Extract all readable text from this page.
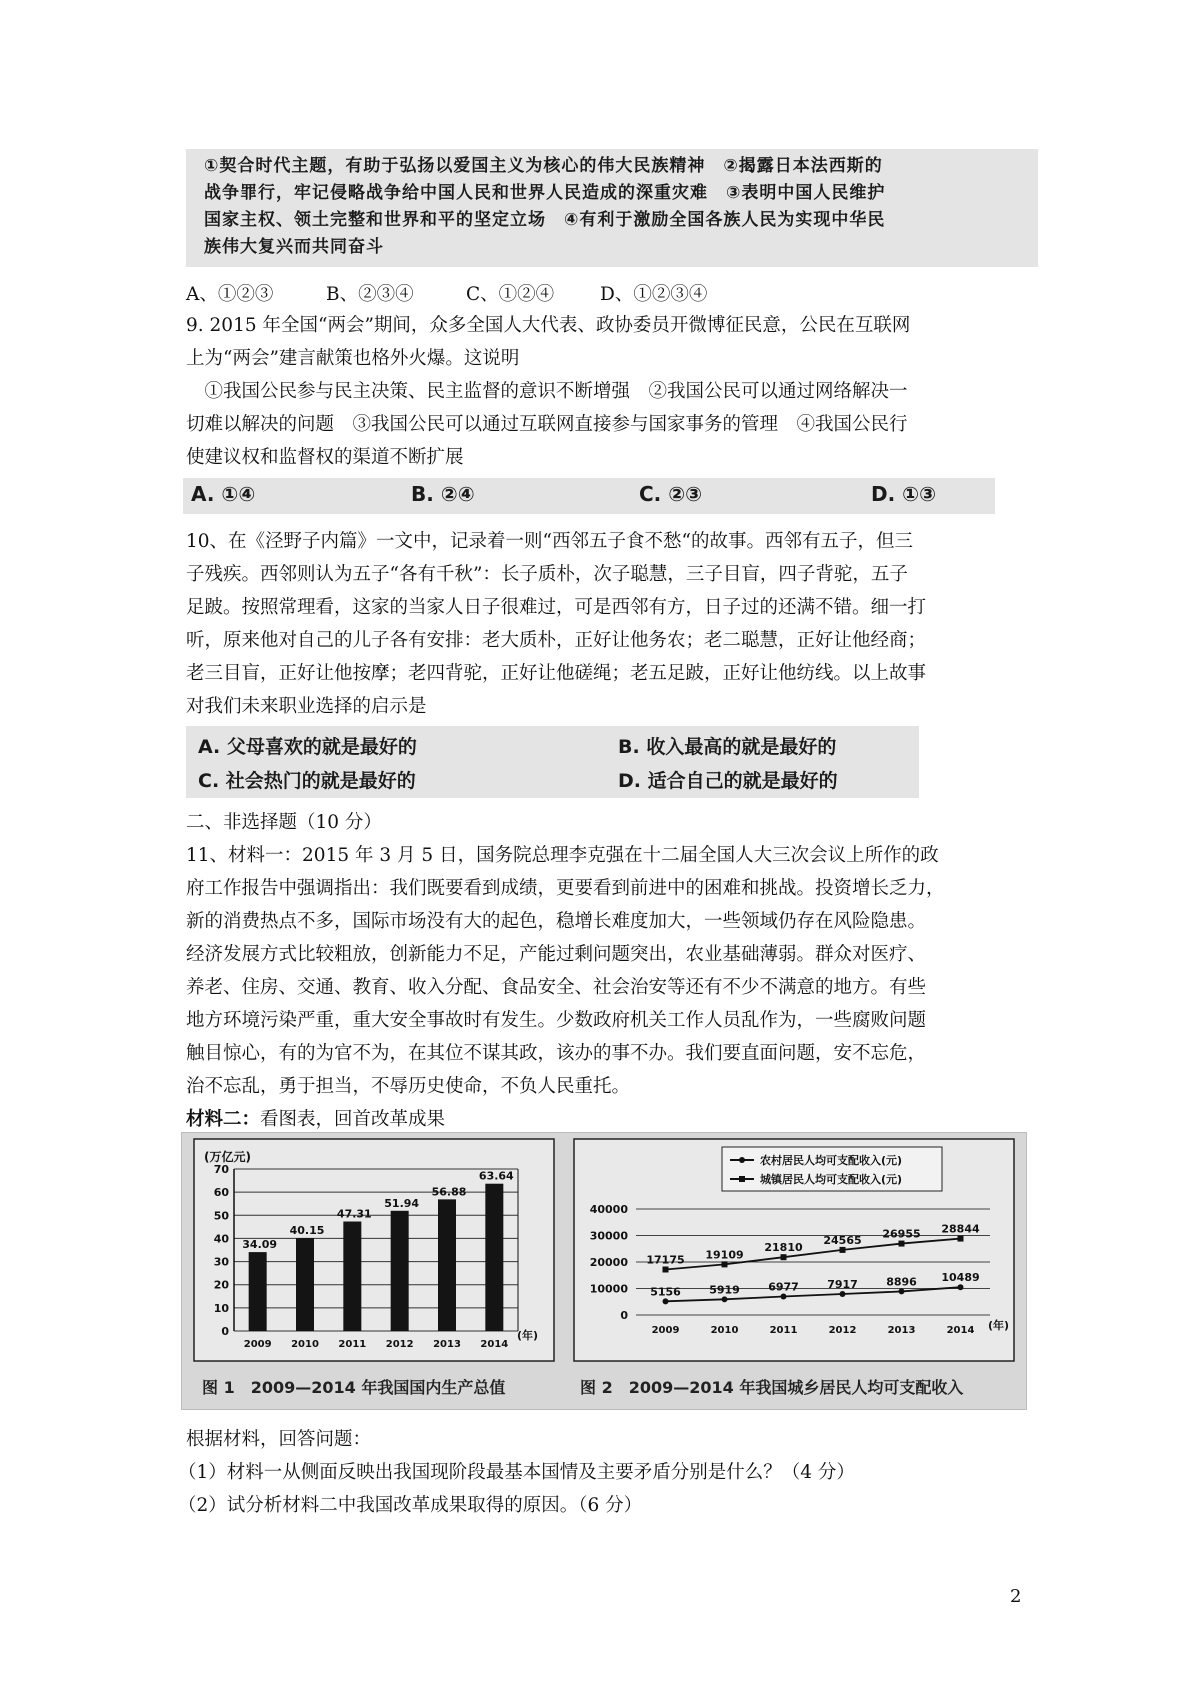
①契合时代主题，有助于弘扬以爱国主义为核心的伟大民族精神　②揭露日本法西斯的
战争罪行，牢记侵略战争给中国人民和世界人民造成的深重灾难　③表明中国人民维护
国家主权、领土完整和世界和平的坚定立场　④有利于激励全国各族人民为实现中华民
族伟大复兴而共同奋斗
A、①②③	B、②③④	C、①②④ D、①②③④
9. 2015 年全国“两会”期间，众多全国人大代表、政协委员开微博征民意，公民在互联网
上为“两会”建言献策也格外火爆。这说明
　①我国公民参与民主决策、民主监督的意识不断增强　②我国公民可以通过网络解决一
切难以解决的问题　③我国公民可以通过互联网直接参与国家事务的管理　④我国公民行
使建议权和监督权的渠道不断扩展
A. ①④	B. ②④	C. ②③	D. ①③
10、在《泾野子内篇》一文中，记录着一则“西邻五子食不愁“的故事。西邻有五子，但三
子残疾。西邻则认为五子“各有千秋”：长子质朴，次子聪慧，三子目盲，四子背驼，五子
足跛。按照常理看，这家的当家人日子很难过，可是西邻有方，日子过的还满不错。细一打
听，原来他对自己的儿子各有安排：老大质朴，正好让他务农；老二聪慧，正好让他经商；
老三目盲，正好让他按摩；老四背驼，正好让他磋绳；老五足跛，正好让他纺线。以上故事
对我们未来职业选择的启示是
A. 父母喜欢的就是最好的	B. 收入最高的就是最好的
C. 社会热门的就是最好的	D. 适合自己的就是最好的
二、非选择题（10 分）
11、材料一：2015 年 3 月 5 日，国务院总理李克强在十二届全国人大三次会议上所作的政
府工作报告中强调指出：我们既要看到成绩，更要看到前进中的困难和挑战。投资增长乏力，
新的消费热点不多，国际市场没有大的起色，稳增长难度加大，一些领域仍存在风险隐患。
经济发展方式比较粗放，创新能力不足，产能过剩问题突出，农业基础薄弱。群众对医疗、
养老、住房、交通、教育、收入分配、食品安全、社会治安等还有不少不满意的地方。有些
地方环境污染严重，重大安全事故时有发生。少数政府机关工作人员乱作为，一些腐败问题
触目惊心，有的为官不为，在其位不谋其政，该办的事不办。我们要直面问题，安不忘危，
治不忘乱，勇于担当，不辱历史使命，不负人民重托。
材料二：看图表，回首改革成果
(万亿元)
0
10
20
30
40
50
60
70
34.09
40.15
47.31
51.94
56.88
63.64
2009 2010 2011 2012 2013 2014
(年)
图 1　2009—2014 年我国国内生产总值
农村居民人均可支配收入(元)
城镇居民人均可支配收入(元)
0
10000
20000
30000
40000
5156	5919	6977	7917	8896 10489
17175 19109
21810
24565 26955 28844
2009	2010	2011	2012	2013	2014 (年)
图 2　2009—2014 年我国城乡居民人均可支配收入
根据材料，回答问题：
（1）材料一从侧面反映出我国现阶段最基本国情及主要矛盾分别是什么？（4 分）
（2）试分析材料二中我国改革成果取得的原因。（6 分）
2
